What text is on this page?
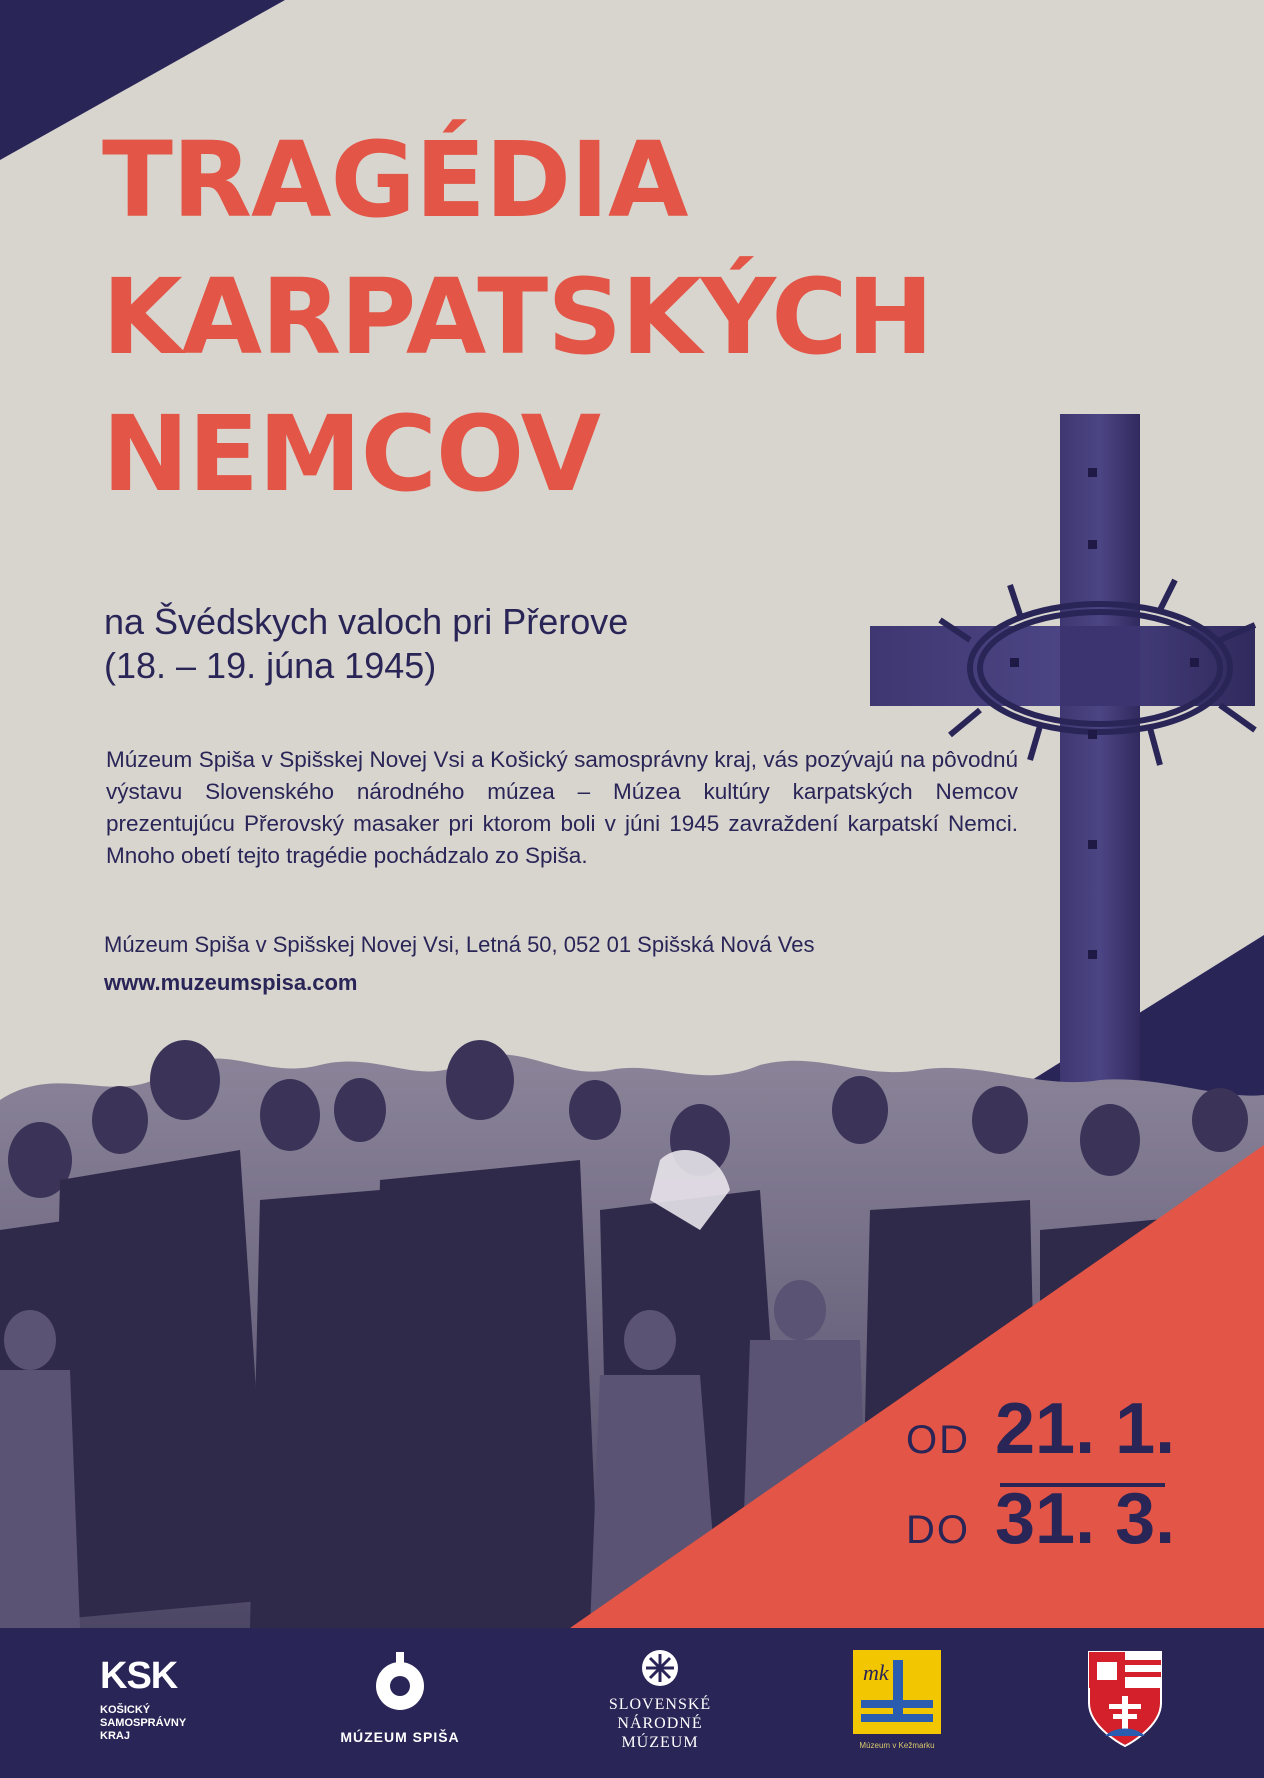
OD 21. 1.
DO 31. 3.
TRAGÉDIA
KARPATSKÝCH
NEMCOV
na Švédskych valoch pri Přerove
(18. – 19. júna 1945)
Múzeum Spiša v Spišskej Novej Vsi a Košický samosprávny kraj, vás pozývajú na pôvodnú výstavu Slovenského národného múzea – Múzea kultúry karpatských Nemcov prezentujúcu Přerovský masaker pri ktorom boli v júni 1945 zavraždení karpatskí Nemci. Mnoho obetí tejto tragédie pochádzalo zo Spiša.
Múzeum Spiša v Spišskej Novej Vsi, Letná 50, 052 01 Spišská Nová Ves
www.muzeumspisa.com
KSK
KOŠICKÝ
SAMOSPRÁVNY
KRAJ	MÚZEUM SPIŠA
SLOVENSKÉ
NÁRODNÉ
MÚZEUM
mk
Múzeum v Kežmarku
